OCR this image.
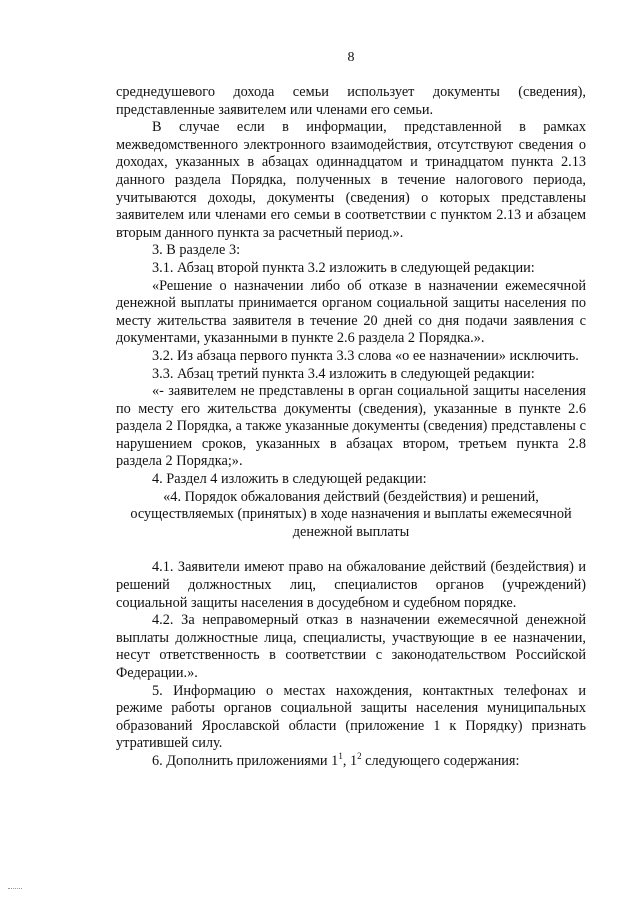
8

среднедушевого дохода семьи использует документы (сведения), представленные заявителем или членами его семьи.

В случае если в информации, представленной в рамках межведомственного электронного взаимодействия, отсутствуют сведения о доходах, указанных в абзацах одиннадцатом и тринадцатом пункта 2.13 данного раздела Порядка, полученных в течение налогового периода, учитываются доходы, документы (сведения) о которых представлены заявителем или членами его семьи в соответствии с пунктом 2.13 и абзацем вторым данного пункта за расчетный период.».

3. В разделе 3:

3.1. Абзац второй пункта 3.2 изложить в следующей редакции:

«Решение о назначении либо об отказе в назначении ежемесячной денежной выплаты принимается органом социальной защиты населения по месту жительства заявителя в течение 20 дней со дня подачи заявления с документами, указанными в пункте 2.6 раздела 2 Порядка.».

3.2. Из абзаца первого пункта 3.3 слова «о ее назначении» исключить.

3.3. Абзац третий пункта 3.4 изложить в следующей редакции:

«- заявителем не представлены в орган социальной защиты населения по месту его жительства документы (сведения), указанные в пункте 2.6 раздела 2 Порядка, а также указанные документы (сведения) представлены с нарушением сроков, указанных в абзацах втором, третьем пункта 2.8 раздела 2 Порядка;».

4. Раздел 4 изложить в следующей редакции:

«4. Порядок обжалования действий (бездействия) и решений,

осуществляемых (принятых) в ходе назначения и выплаты ежемесячной

денежной выплаты

4.1. Заявители имеют право на обжалование действий (бездействия) и решений должностных лиц, специалистов органов (учреждений) социальной защиты населения в досудебном и судебном порядке.

4.2. За неправомерный отказ в назначении ежемесячной денежной выплаты должностные лица, специалисты, участвующие в ее назначении, несут ответственность в соответствии с законодательством Российской Федерации.».

5. Информацию о местах нахождения, контактных телефонах и режиме работы органов социальной защиты населения муниципальных образований Ярославской области (приложение 1 к Порядку) признать утратившей силу.

6. Дополнить приложениями $1^1$, $1^2$ следующего содержания:
